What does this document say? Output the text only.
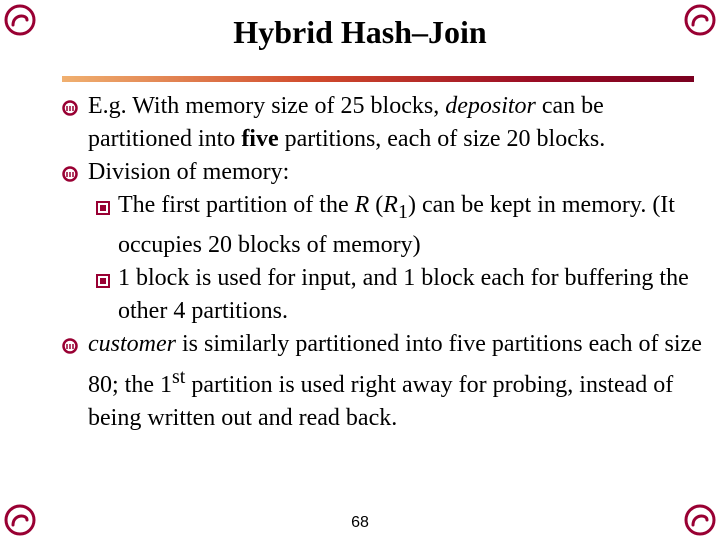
Hybrid Hash–Join
E.g. With memory size of 25 blocks, depositor can be partitioned into five partitions, each of size 20 blocks.
Division of memory:
The first partition of the R $(R_1)$ can be kept in memory. (It occupies 20 blocks of memory)
1 block is used for input, and 1 block each for buffering the other 4 partitions.
customer is similarly partitioned into five partitions each of size 80; the 1st partition is used right away for probing, instead of being written out and read back.
68
